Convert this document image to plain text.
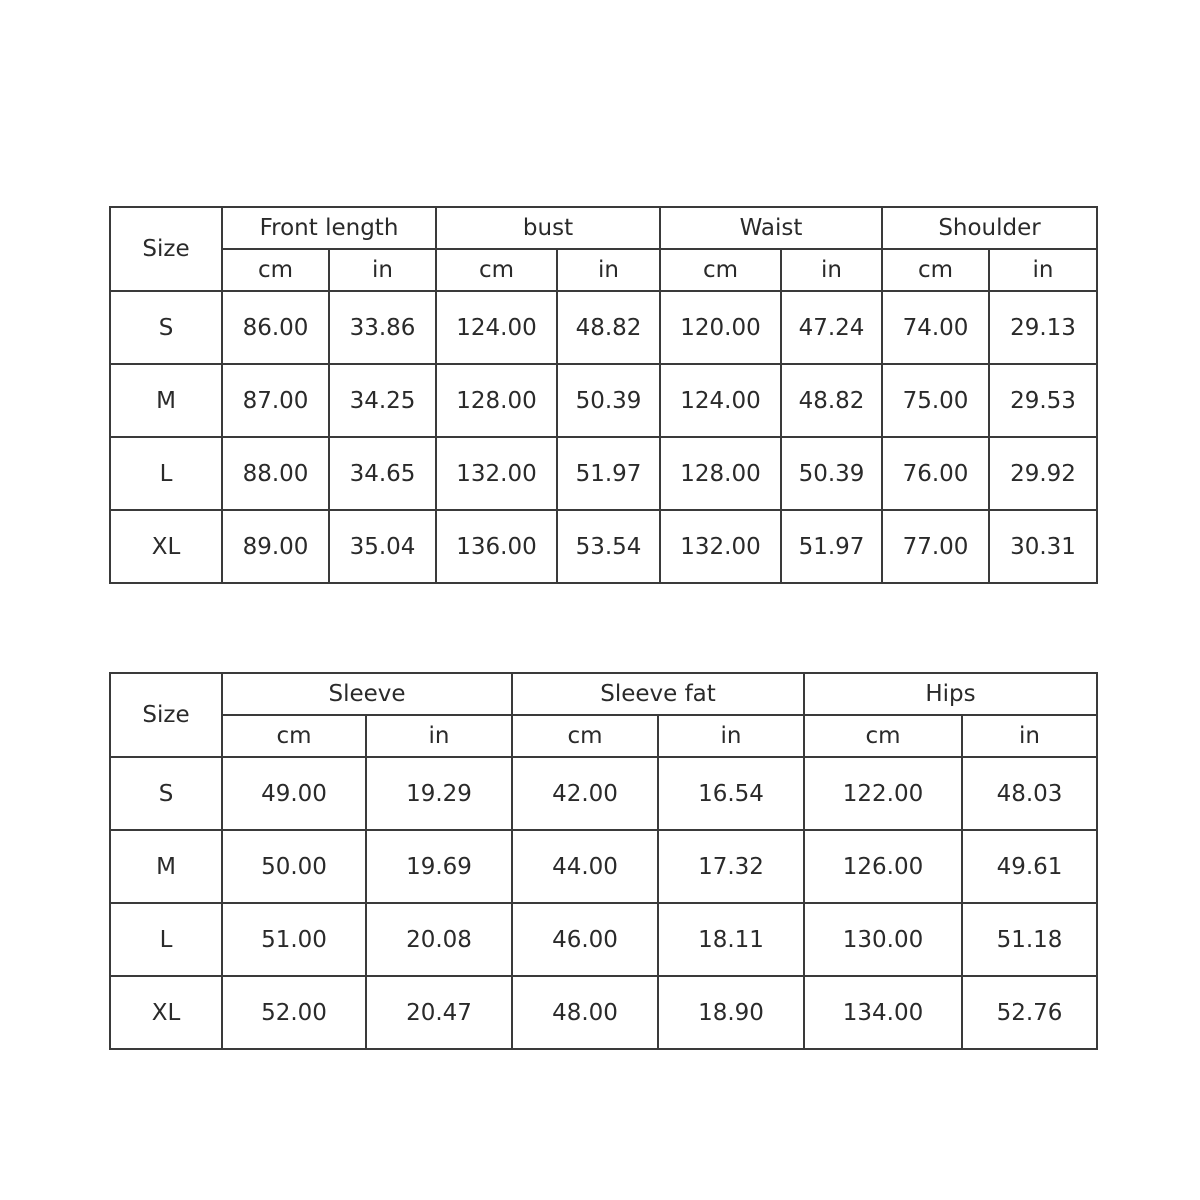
Size	Front length		bust		Waist		Shoulder	
	cm	in	cm	in	cm	in	cm	in
S	86.00	33.86	124.00	48.82	120.00	47.24	74.00	29.13
M	87.00	34.25	128.00	50.39	124.00	48.82	75.00	29.53
L	88.00	34.65	132.00	51.97	128.00	50.39	76.00	29.92
XL	89.00	35.04	136.00	53.54	132.00	51.97	77.00	30.31
Size	Sleeve		Sleeve fat		Hips	
	cm	in	cm	in	cm	in
S	49.00	19.29	42.00	16.54	122.00	48.03
M	50.00	19.69	44.00	17.32	126.00	49.61
L	51.00	20.08	46.00	18.11	130.00	51.18
XL	52.00	20.47	48.00	18.90	134.00	52.76
